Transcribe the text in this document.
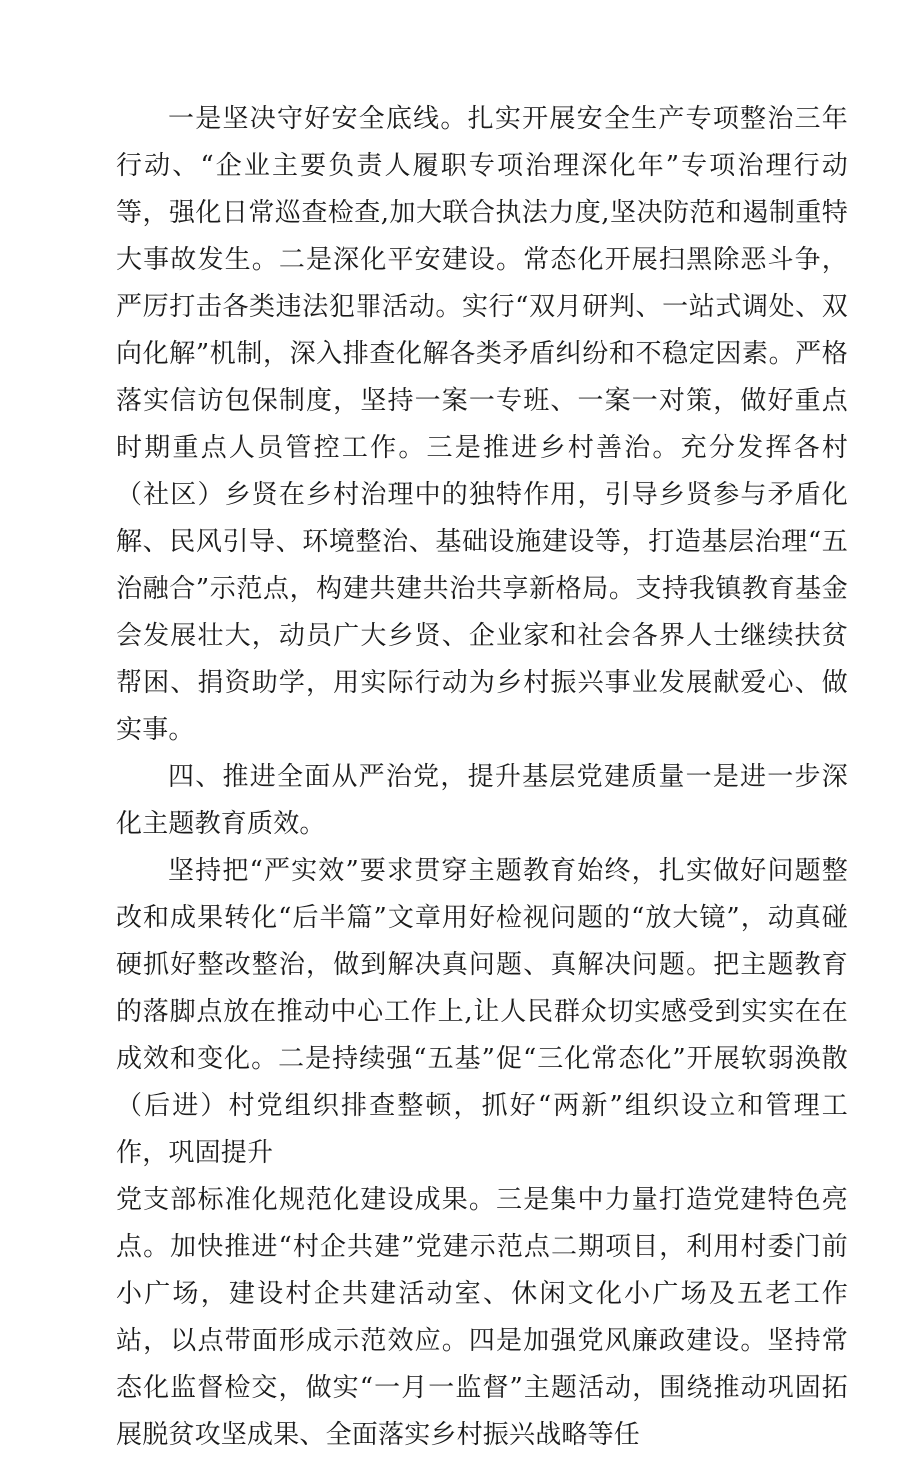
一是坚决守好安全底线。扎实开展安全生产专项整治三年行动、“企业主要负责人履职专项治理深化年”专项治理行动等，强化日常巡查检查,加大联合执法力度,坚决防范和遏制重特大事故发生。二是深化平安建设。常态化开展扫黑除恶斗争，严厉打击各类违法犯罪活动。实行“双月研判、一站式调处、双向化解”机制，深入排查化解各类矛盾纠纷和不稳定因素。严格落实信访包保制度，坚持一案一专班、一案一对策，做好重点时期重点人员管控工作。三是推进乡村善治。充分发挥各村（社区）乡贤在乡村治理中的独特作用，引导乡贤参与矛盾化解、民风引导、环境整治、基础设施建设等，打造基层治理“五治融合”示范点，构建共建共治共享新格局。支持我镇教育基金会发展壮大，动员广大乡贤、企业家和社会各界人士继续扶贫帮困、捐资助学，用实际行动为乡村振兴事业发展献爱心、做实事。

四、推进全面从严治党，提升基层党建质量一是进一步深化主题教育质效。

坚持把“严实效”要求贯穿主题教育始终，扎实做好问题整改和成果转化“后半篇”文章用好检视问题的“放大镜”，动真碰硬抓好整改整治，做到解决真问题、真解决问题。把主题教育的落脚点放在推动中心工作上,让人民群众切实感受到实实在在成效和变化。二是持续强“五基”促“三化常态化”开展软弱涣散（后进）村党组织排查整顿，抓好“两新”组织设立和管理工作，巩固提升

党支部标准化规范化建设成果。三是集中力量打造党建特色亮点。加快推进“村企共建”党建示范点二期项目，利用村委门前小广场，建设村企共建活动室、休闲文化小广场及五老工作站，以点带面形成示范效应。四是加强党风廉政建设。坚持常态化监督检交，做实“一月一监督”主题活动，围绕推动巩固拓展脱贫攻坚成果、全面落实乡村振兴战略等任
